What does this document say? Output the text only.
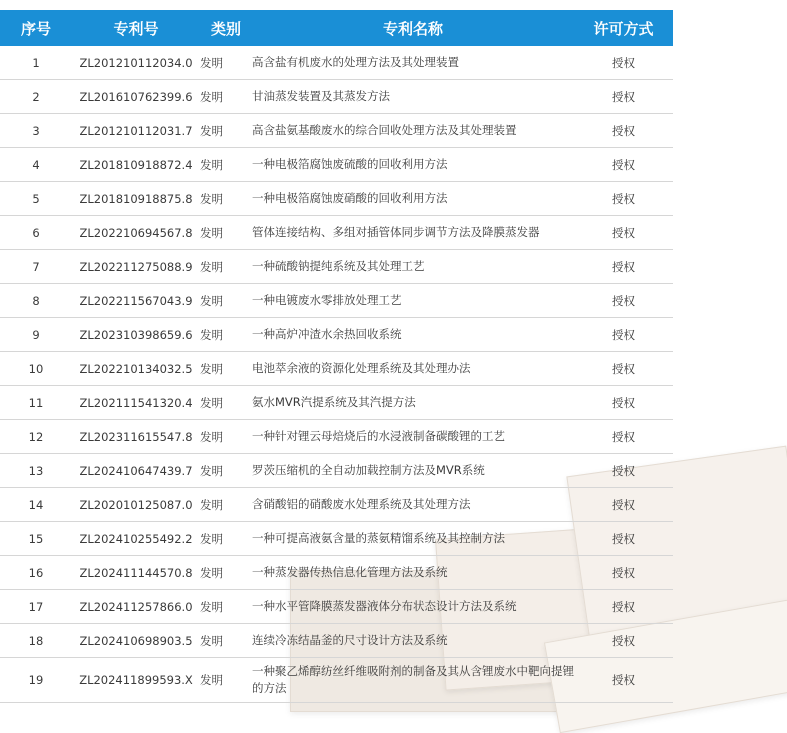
序号	专利号	类别	专利名称	许可方式
1	ZL201210112034.0	发明	高含盐有机废水的处理方法及其处理装置	授权
2	ZL201610762399.6	发明	甘油蒸发装置及其蒸发方法	授权
3	ZL201210112031.7	发明	高含盐氨基酸废水的综合回收处理方法及其处理装置	授权
4	ZL201810918872.4	发明	一种电极箔腐蚀废硫酸的回收利用方法	授权
5	ZL201810918875.8	发明	一种电极箔腐蚀废硝酸的回收利用方法	授权
6	ZL202210694567.8	发明	管体连接结构、多组对插管体同步调节方法及降膜蒸发器	授权
7	ZL202211275088.9	发明	一种硫酸钠提纯系统及其处理工艺	授权
8	ZL202211567043.9	发明	一种电镀废水零排放处理工艺	授权
9	ZL202310398659.6	发明	一种高炉冲渣水余热回收系统	授权
10	ZL202210134032.5	发明	电池萃余液的资源化处理系统及其处理办法	授权
11	ZL202111541320.4	发明	氨水MVR汽提系统及其汽提方法	授权
12	ZL202311615547.8	发明	一种针对锂云母焙烧后的水浸液制备碳酸锂的工艺	授权
13	ZL202410647439.7	发明	罗茨压缩机的全自动加载控制方法及MVR系统	授权
14	ZL202010125087.0	发明	含硝酸铝的硝酸废水处理系统及其处理方法	授权
15	ZL202410255492.2	发明	一种可提高液氨含量的蒸氨精馏系统及其控制方法	授权
16	ZL202411144570.8	发明	一种蒸发器传热信息化管理方法及系统	授权
17	ZL202411257866.0	发明	一种水平管降膜蒸发器液体分布状态设计方法及系统	授权
18	ZL202410698903.5	发明	连续冷冻结晶釜的尺寸设计方法及系统	授权
19	ZL202411899593.X	发明	一种聚乙烯醇纺丝纤维吸附剂的制备及其从含锂废水中靶向提锂的方法	授权
